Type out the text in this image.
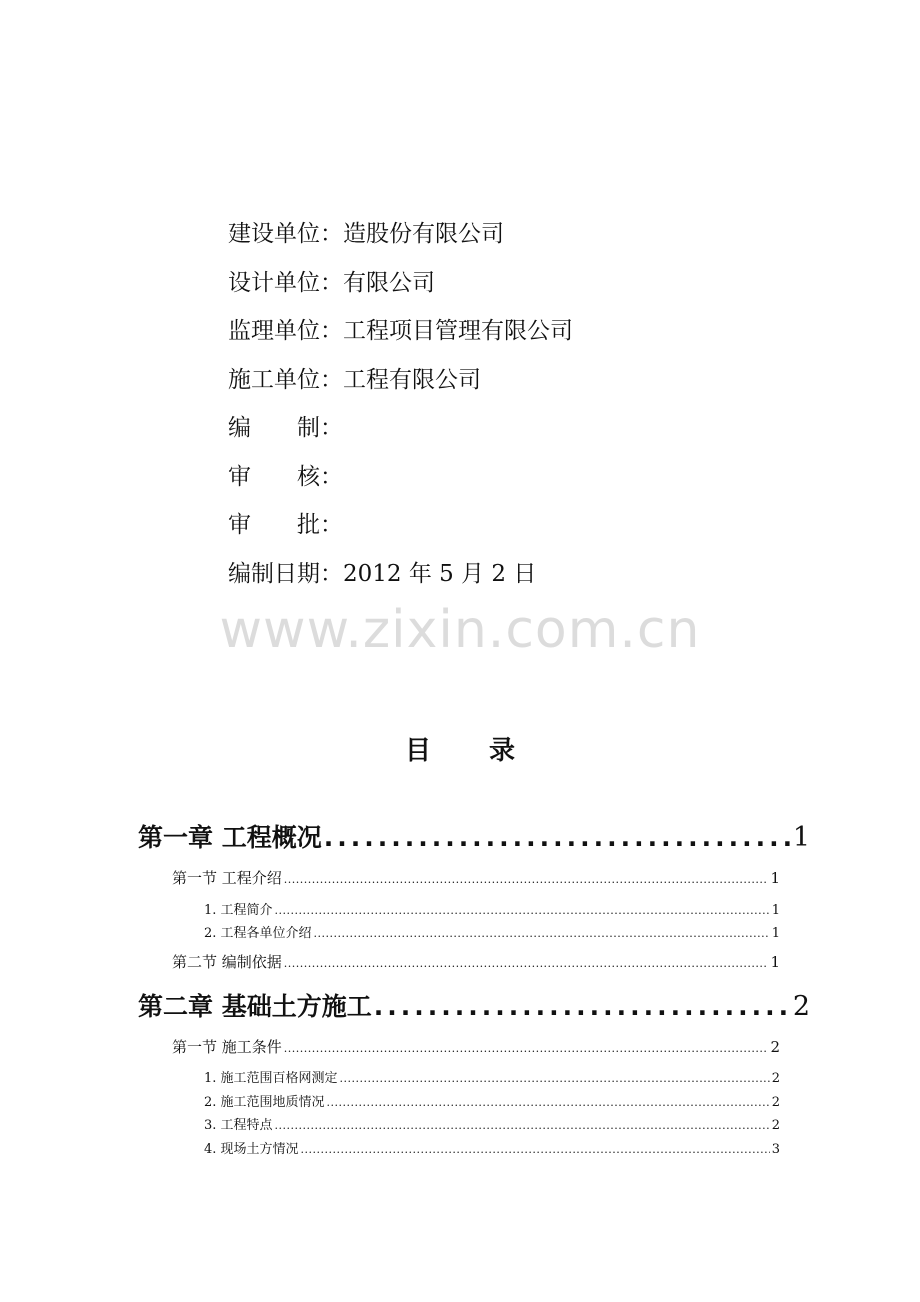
建设单位：造股份有限公司
设计单位：有限公司
监理单位：工程项目管理有限公司
施工单位：工程有限公司
编　　制：
审　　核：
审　　批：
编制日期：2012 年 5 月 2 日
www.zixin.com.cn
目 录
第一章 工程概况 .....	1
第一节 工程介绍 .....	1
1. 工程简介 .....	1
2. 工程各单位介绍 .....	1
第二节 编制依据 .....	1
第二章 基础土方施工 .....	2
第一节 施工条件 .....	2
1. 施工范围百格网测定 .....	2
2. 施工范围地质情况 .....	2
3. 工程特点 .....	2
4. 现场土方情况 .....	3
